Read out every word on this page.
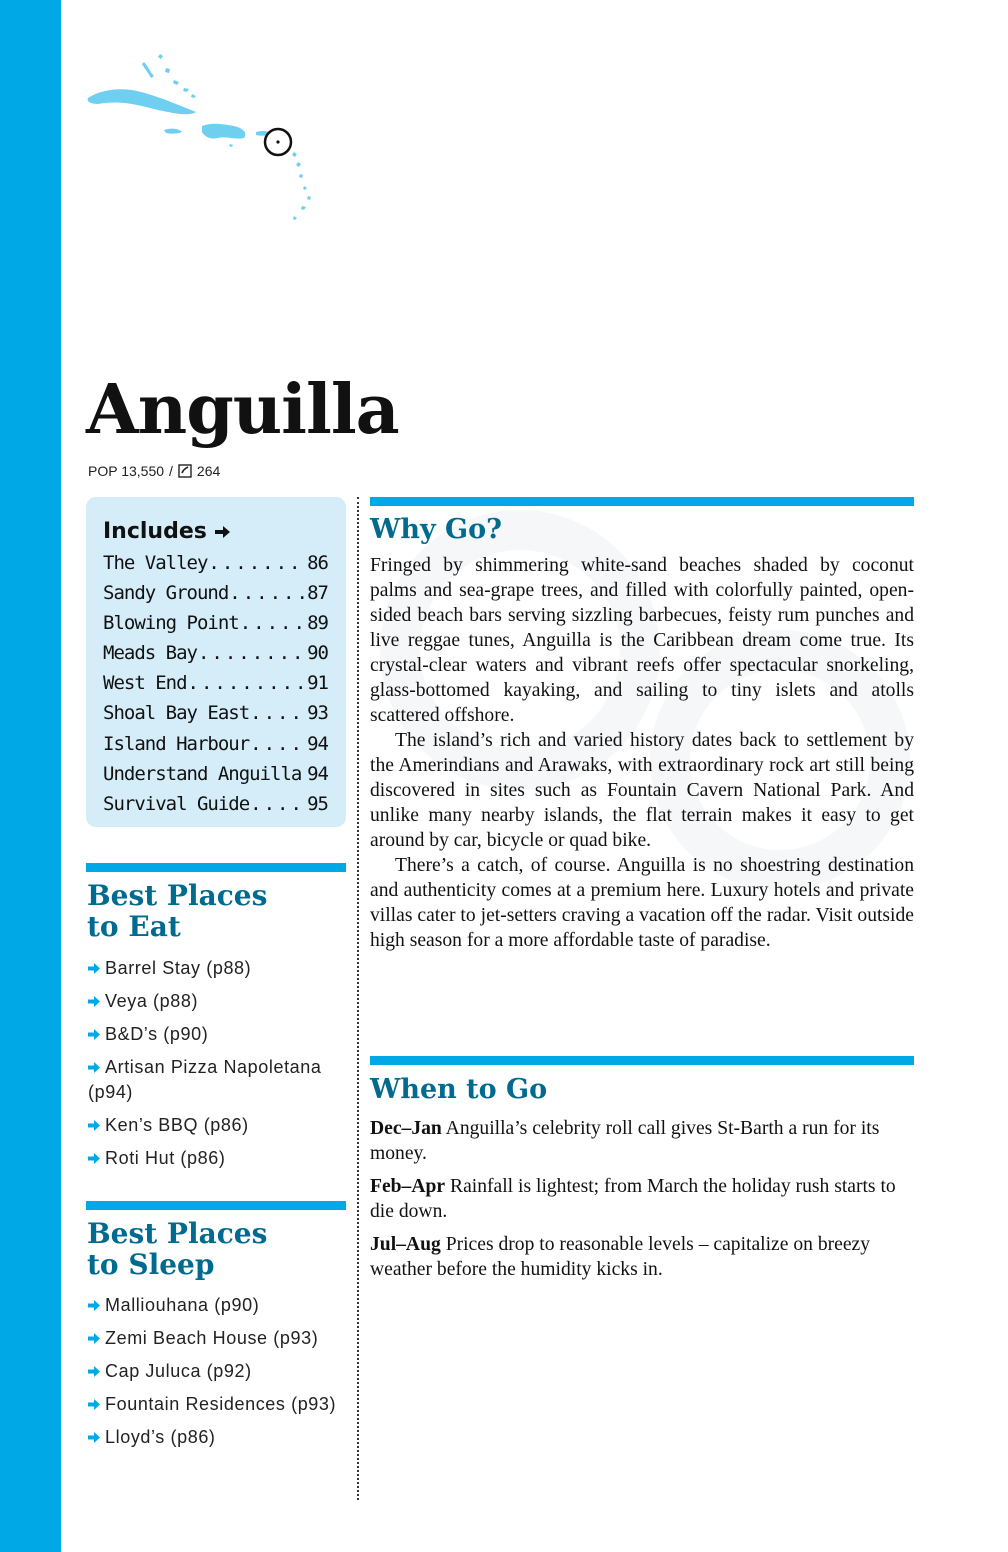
Anguilla
POP 13,550 / 264
Includes
The Valley .....	86
Sandy Ground .....	87
Blowing Point .....	89
Meads Bay .....	90
West End .....	91
Shoal Bay East .....	93
Island Harbour .....	94
Understand Anguilla ..... 94
Survival Guide .....	95
Best Places
to Eat
Barrel Stay (p88)
Veya (p88)
B&D’s (p90)
Artisan Pizza Napoletana (p94)
Ken’s BBQ (p86)
Roti Hut (p86)
Best Places
to Sleep
Malliouhana (p90)
Zemi Beach House (p93)
Cap Juluca (p92)
Fountain Residences (p93)
Lloyd’s (p86)
Why Go?

Fringed by shimmering white-sand beaches shaded by coconut palms and sea-grape trees, and filled with colorfully painted, open-sided beach bars serving sizzling barbecues, feisty rum punches and live reggae tunes, Anguilla is the Caribbean dream come true. Its crystal-clear waters and vibrant reefs offer spectacular snorkeling, glass-bottomed kayaking, and sailing to tiny islets and atolls scattered offshore.

The island’s rich and varied history dates back to settlement by the Amerindians and Arawaks, with extraordinary rock art still being discovered in sites such as Fountain Cavern National Park. And unlike many nearby islands, the flat terrain makes it easy to get around by car, bicycle or quad bike.

There’s a catch, of course. Anguilla is no shoestring destination and authenticity comes at a premium here. Luxury hotels and private villas cater to jet-setters craving a vacation off the radar. Visit outside high season for a more affordable taste of paradise.

When to Go

Dec–Jan Anguilla’s celebrity roll call gives St-Barth a run for its money.

Feb–Apr Rainfall is lightest; from March the holiday rush starts to die down.

Jul–Aug Prices drop to reasonable levels – capitalize on breezy weather before the humidity kicks in.
